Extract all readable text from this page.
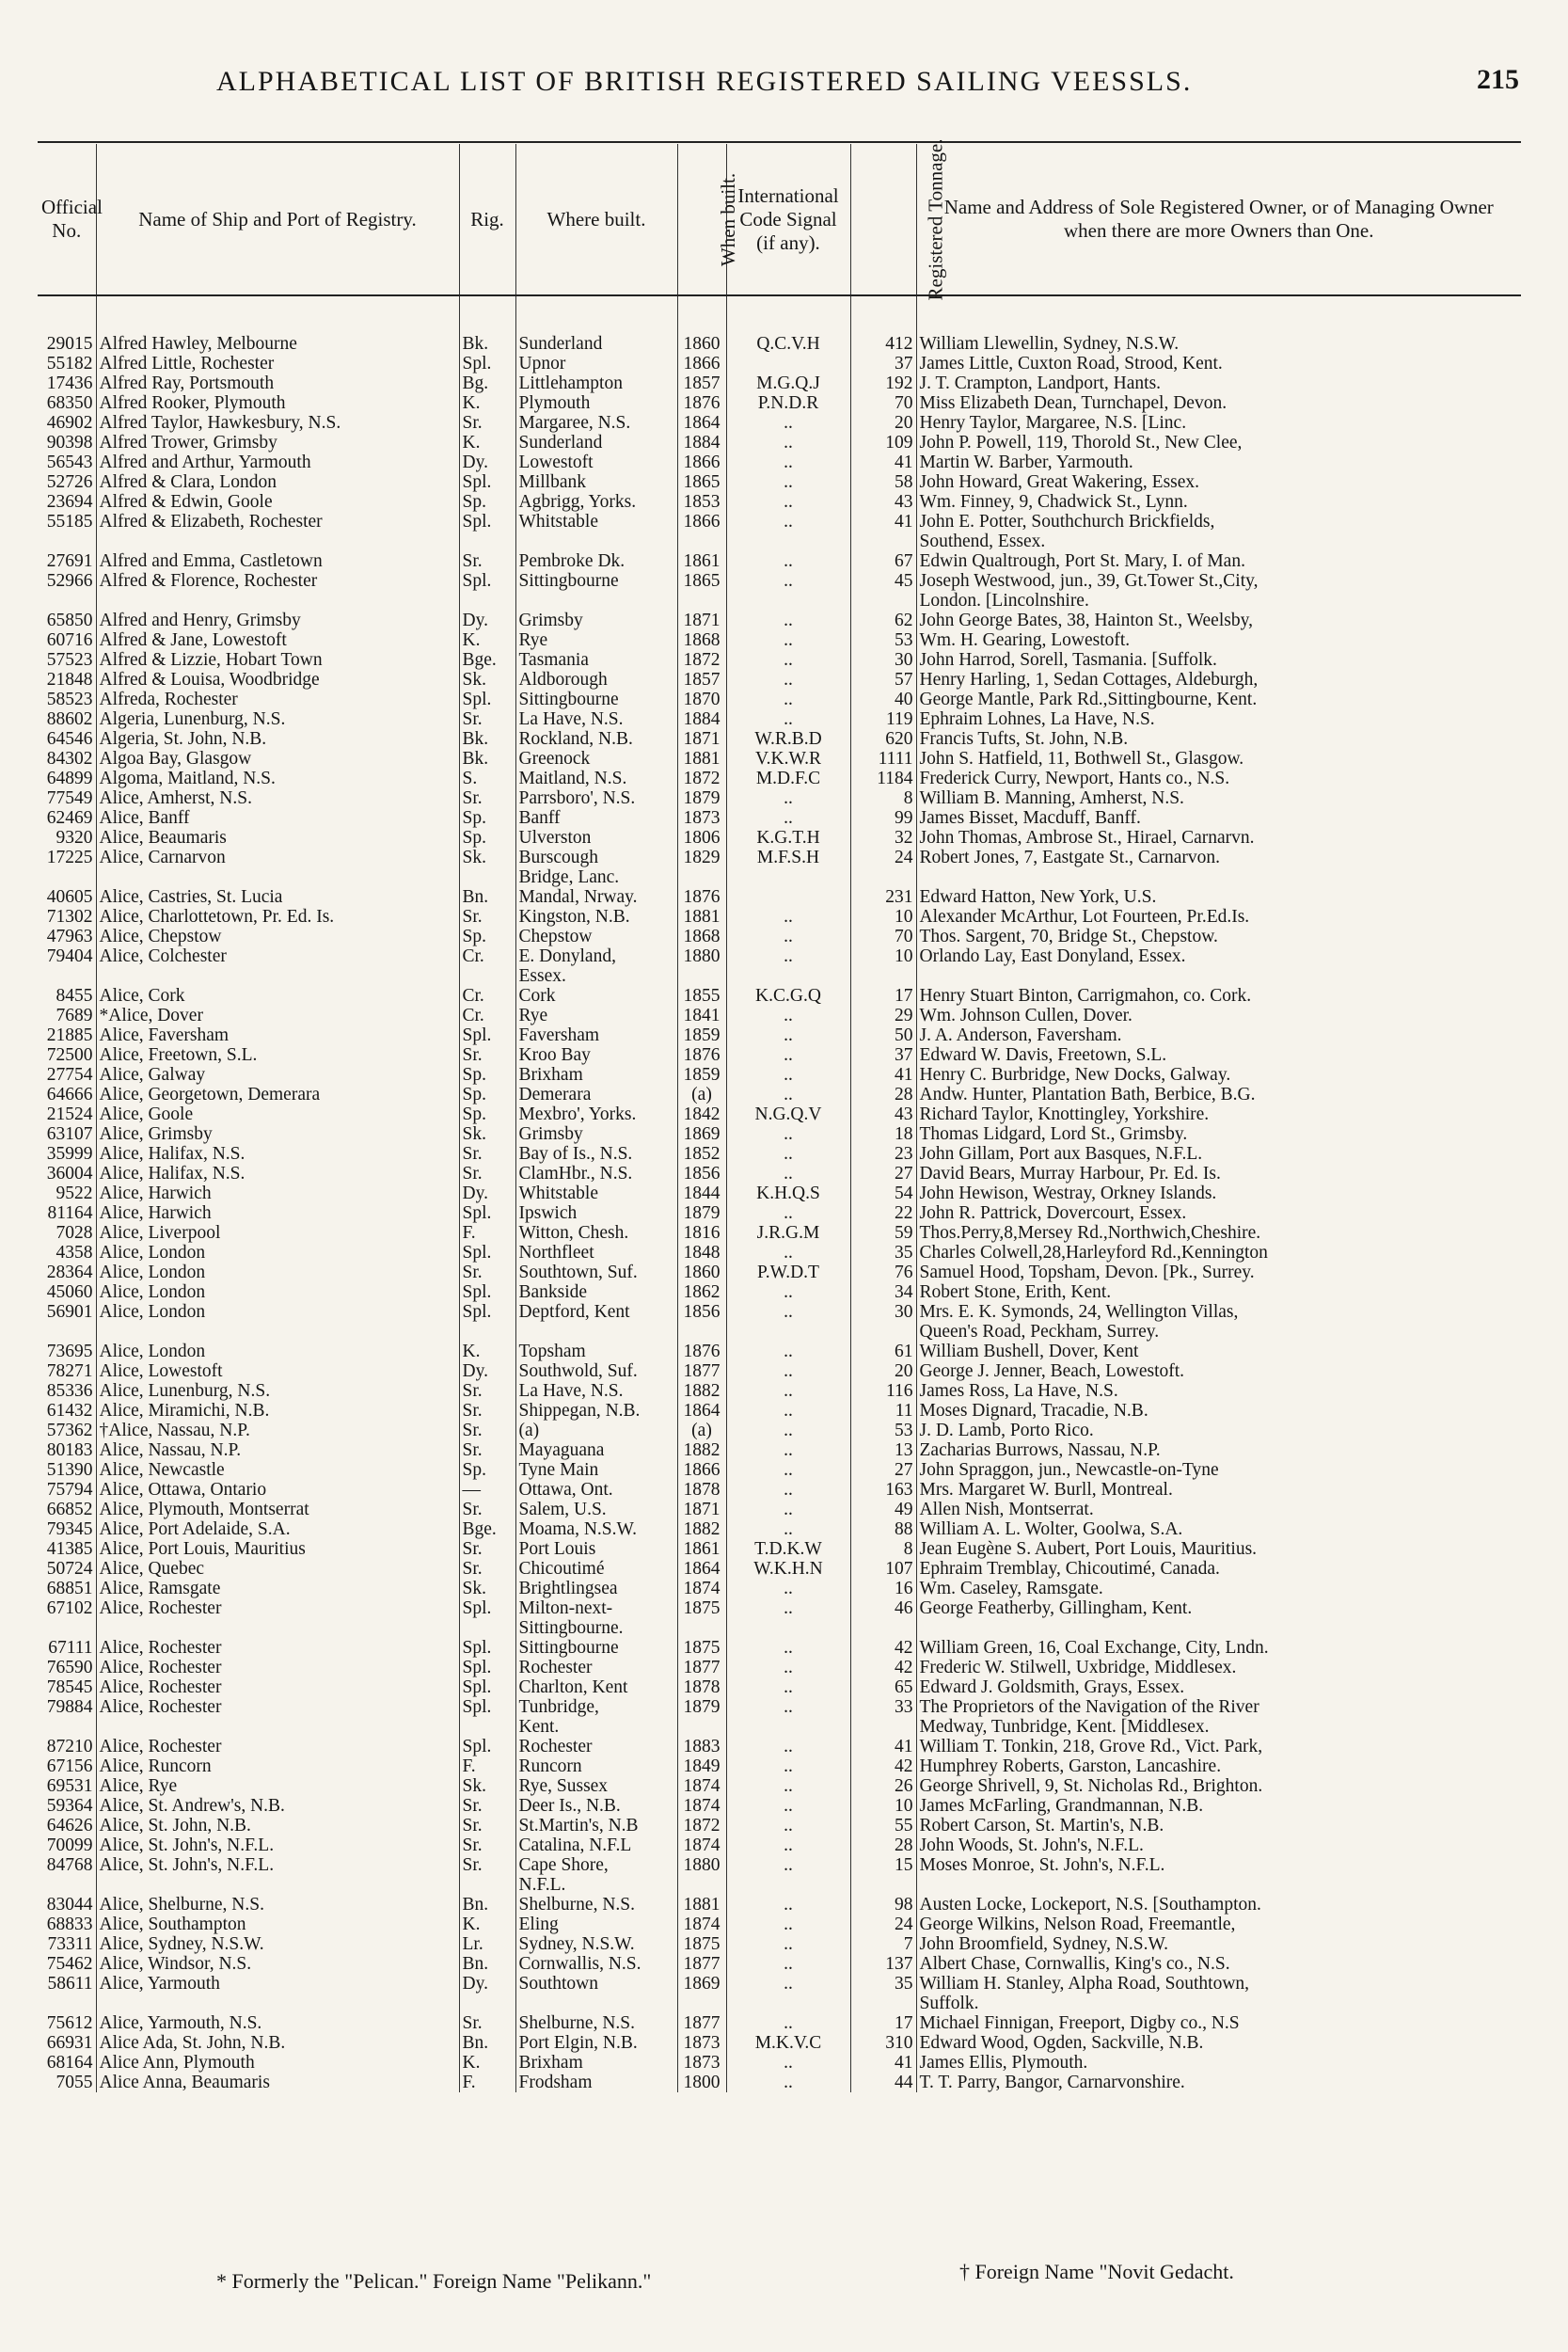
ALPHABETICAL LIST OF BRITISH REGISTERED SAILING VEESSLS.	215
Official No.	Name of Ship and Port of Registry.	Rig.	Where built.	When built.	International Code Signal (if any).	Registered Tonnage.	Name and Address of Sole Registered Owner, or of Managing Owner when there are more Owners than One.
29015	Alfred Hawley, Melbourne	Bk.	Sunderland	1860	Q.C.V.H	412	William Llewellin, Sydney, N.S.W.
55182	Alfred Little, Rochester	Spl.	Upnor	1866		37	James Little, Cuxton Road, Strood, Kent.
17436	Alfred Ray, Portsmouth	Bg.	Littlehampton	1857	M.G.Q.J	192	J. T. Crampton, Landport, Hants.
68350	Alfred Rooker, Plymouth	K.	Plymouth	1876	P.N.D.R	70	Miss Elizabeth Dean, Turnchapel, Devon.
46902	Alfred Taylor, Hawkesbury, N.S.	Sr.	Margaree, N.S.	1864	..	20	Henry Taylor, Margaree, N.S. [Linc.
90398	Alfred Trower, Grimsby	K.	Sunderland	1884	..	109	John P. Powell, 119, Thorold St., New Clee,
56543	Alfred and Arthur, Yarmouth	Dy.	Lowestoft	1866	..	41	Martin W. Barber, Yarmouth.
52726	Alfred & Clara, London	Spl.	Millbank	1865	..	58	John Howard, Great Wakering, Essex.
23694	Alfred & Edwin, Goole	Sp.	Agbrigg, Yorks.	1853	..	43	Wm. Finney, 9, Chadwick St., Lynn.
55185	Alfred & Elizabeth, Rochester	Spl.	Whitstable	1866	..	41	John E. Potter, Southchurch Brickfields,
							Southend, Essex.
27691	Alfred and Emma, Castletown	Sr.	Pembroke Dk.	1861	..	67	Edwin Qualtrough, Port St. Mary, I. of Man.
52966	Alfred & Florence, Rochester	Spl.	Sittingbourne	1865	..	45	Joseph Westwood, jun., 39, Gt.Tower St.,City,
							London. [Lincolnshire.
65850	Alfred and Henry, Grimsby	Dy.	Grimsby	1871	..	62	John George Bates, 38, Hainton St., Weelsby,
60716	Alfred & Jane, Lowestoft	K.	Rye	1868	..	53	Wm. H. Gearing, Lowestoft.
57523	Alfred & Lizzie, Hobart Town	Bge.	Tasmania	1872	..	30	John Harrod, Sorell, Tasmania. [Suffolk.
21848	Alfred & Louisa, Woodbridge	Sk.	Aldborough	1857	..	57	Henry Harling, 1, Sedan Cottages, Aldeburgh,
58523	Alfreda, Rochester	Spl.	Sittingbourne	1870	..	40	George Mantle, Park Rd.,Sittingbourne, Kent.
88602	Algeria, Lunenburg, N.S.	Sr.	La Have, N.S.	1884	..	119	Ephraim Lohnes, La Have, N.S.
64546	Algeria, St. John, N.B.	Bk.	Rockland, N.B.	1871	W.R.B.D	620	Francis Tufts, St. John, N.B.
84302	Algoa Bay, Glasgow	Bk.	Greenock	1881	V.K.W.R	1111	John S. Hatfield, 11, Bothwell St., Glasgow.
64899	Algoma, Maitland, N.S.	S.	Maitland, N.S.	1872	M.D.F.C	1184	Frederick Curry, Newport, Hants co., N.S.
77549	Alice, Amherst, N.S.	Sr.	Parrsboro', N.S.	1879	..	8	William B. Manning, Amherst, N.S.
62469	Alice, Banff	Sp.	Banff	1873	..	99	James Bisset, Macduff, Banff.
9320	Alice, Beaumaris	Sp.	Ulverston	1806	K.G.T.H	32	John Thomas, Ambrose St., Hirael, Carnarvn.
17225	Alice, Carnarvon	Sk.	Burscough	1829	M.F.S.H	24	Robert Jones, 7, Eastgate St., Carnarvon.
			Bridge, Lanc.				
40605	Alice, Castries, St. Lucia	Bn.	Mandal, Nrway.	1876		231	Edward Hatton, New York, U.S.
71302	Alice, Charlottetown, Pr. Ed. Is.	Sr.	Kingston, N.B.	1881	..	10	Alexander McArthur, Lot Fourteen, Pr.Ed.Is.
47963	Alice, Chepstow	Sp.	Chepstow	1868	..	70	Thos. Sargent, 70, Bridge St., Chepstow.
79404	Alice, Colchester	Cr.	E. Donyland,	1880	..	10	Orlando Lay, East Donyland, Essex.
			Essex.				
8455	Alice, Cork	Cr.	Cork	1855	K.C.G.Q	17	Henry Stuart Binton, Carrigmahon, co. Cork.
7689	*Alice, Dover	Cr.	Rye	1841	..	29	Wm. Johnson Cullen, Dover.
21885	Alice, Faversham	Spl.	Faversham	1859	..	50	J. A. Anderson, Faversham.
72500	Alice, Freetown, S.L.	Sr.	Kroo Bay	1876	..	37	Edward W. Davis, Freetown, S.L.
27754	Alice, Galway	Sp.	Brixham	1859	..	41	Henry C. Burbridge, New Docks, Galway.
64666	Alice, Georgetown, Demerara	Sp.	Demerara	(a)	..	28	Andw. Hunter, Plantation Bath, Berbice, B.G.
21524	Alice, Goole	Sp.	Mexbro', Yorks.	1842	N.G.Q.V	43	Richard Taylor, Knottingley, Yorkshire.
63107	Alice, Grimsby	Sk.	Grimsby	1869	..	18	Thomas Lidgard, Lord St., Grimsby.
35999	Alice, Halifax, N.S.	Sr.	Bay of Is., N.S.	1852	..	23	John Gillam, Port aux Basques, N.F.L.
36004	Alice, Halifax, N.S.	Sr.	ClamHbr., N.S.	1856	..	27	David Bears, Murray Harbour, Pr. Ed. Is.
9522	Alice, Harwich	Dy.	Whitstable	1844	K.H.Q.S	54	John Hewison, Westray, Orkney Islands.
81164	Alice, Harwich	Spl.	Ipswich	1879	..	22	John R. Pattrick, Dovercourt, Essex.
7028	Alice, Liverpool	F.	Witton, Chesh.	1816	J.R.G.M	59	Thos.Perry,8,Mersey Rd.,Northwich,Cheshire.
4358	Alice, London	Spl.	Northfleet	1848	..	35	Charles Colwell,28,Harleyford Rd.,Kennington
28364	Alice, London	Sr.	Southtown, Suf.	1860	P.W.D.T	76	Samuel Hood, Topsham, Devon. [Pk., Surrey.
45060	Alice, London	Spl.	Bankside	1862	..	34	Robert Stone, Erith, Kent.
56901	Alice, London	Spl.	Deptford, Kent	1856	..	30	Mrs. E. K. Symonds, 24, Wellington Villas,
							Queen's Road, Peckham, Surrey.
73695	Alice, London	K.	Topsham	1876	..	61	William Bushell, Dover, Kent
78271	Alice, Lowestoft	Dy.	Southwold, Suf.	1877	..	20	George J. Jenner, Beach, Lowestoft.
85336	Alice, Lunenburg, N.S.	Sr.	La Have, N.S.	1882	..	116	James Ross, La Have, N.S.
61432	Alice, Miramichi, N.B.	Sr.	Shippegan, N.B.	1864	..	11	Moses Dignard, Tracadie, N.B.
57362	†Alice, Nassau, N.P.	Sr.	(a)	(a)	..	53	J. D. Lamb, Porto Rico.
80183	Alice, Nassau, N.P.	Sr.	Mayaguana	1882	..	13	Zacharias Burrows, Nassau, N.P.
51390	Alice, Newcastle	Sp.	Tyne Main	1866	..	27	John Spraggon, jun., Newcastle-on-Tyne
75794	Alice, Ottawa, Ontario	—	Ottawa, Ont.	1878	..	163	Mrs. Margaret W. Burll, Montreal.
66852	Alice, Plymouth, Montserrat	Sr.	Salem, U.S.	1871	..	49	Allen Nish, Montserrat.
79345	Alice, Port Adelaide, S.A.	Bge.	Moama, N.S.W.	1882	..	88	William A. L. Wolter, Goolwa, S.A.
41385	Alice, Port Louis, Mauritius	Sr.	Port Louis	1861	T.D.K.W	8	Jean Eugène S. Aubert, Port Louis, Mauritius.
50724	Alice, Quebec	Sr.	Chicoutimé	1864	W.K.H.N	107	Ephraim Tremblay, Chicoutimé, Canada.
68851	Alice, Ramsgate	Sk.	Brightlingsea	1874	..	16	Wm. Caseley, Ramsgate.
67102	Alice, Rochester	Spl.	Milton-next-	1875	..	46	George Featherby, Gillingham, Kent.
			Sittingbourne.				
67111	Alice, Rochester	Spl.	Sittingbourne	1875	..	42	William Green, 16, Coal Exchange, City, Lndn.
76590	Alice, Rochester	Spl.	Rochester	1877	..	42	Frederic W. Stilwell, Uxbridge, Middlesex.
78545	Alice, Rochester	Spl.	Charlton, Kent	1878	..	65	Edward J. Goldsmith, Grays, Essex.
79884	Alice, Rochester	Spl.	Tunbridge,	1879	..	33	The Proprietors of the Navigation of the River
			Kent.				Medway, Tunbridge, Kent. [Middlesex.
87210	Alice, Rochester	Spl.	Rochester	1883	..	41	William T. Tonkin, 218, Grove Rd., Vict. Park,
67156	Alice, Runcorn	F.	Runcorn	1849	..	42	Humphrey Roberts, Garston, Lancashire.
69531	Alice, Rye	Sk.	Rye, Sussex	1874	..	26	George Shrivell, 9, St. Nicholas Rd., Brighton.
59364	Alice, St. Andrew's, N.B.	Sr.	Deer Is., N.B.	1874	..	10	James McFarling, Grandmannan, N.B.
64626	Alice, St. John, N.B.	Sr.	St.Martin's, N.B	1872	..	55	Robert Carson, St. Martin's, N.B.
70099	Alice, St. John's, N.F.L.	Sr.	Catalina, N.F.L	1874	..	28	John Woods, St. John's, N.F.L.
84768	Alice, St. John's, N.F.L.	Sr.	Cape Shore,	1880	..	15	Moses Monroe, St. John's, N.F.L.
			N.F.L.				
83044	Alice, Shelburne, N.S.	Bn.	Shelburne, N.S.	1881	..	98	Austen Locke, Lockeport, N.S. [Southampton.
68833	Alice, Southampton	K.	Eling	1874	..	24	George Wilkins, Nelson Road, Freemantle,
73311	Alice, Sydney, N.S.W.	Lr.	Sydney, N.S.W.	1875	..	7	John Broomfield, Sydney, N.S.W.
75462	Alice, Windsor, N.S.	Bn.	Cornwallis, N.S.	1877	..	137	Albert Chase, Cornwallis, King's co., N.S.
58611	Alice, Yarmouth	Dy.	Southtown	1869	..	35	William H. Stanley, Alpha Road, Southtown,
							Suffolk.
75612	Alice, Yarmouth, N.S.	Sr.	Shelburne, N.S.	1877	..	17	Michael Finnigan, Freeport, Digby co., N.S
66931	Alice Ada, St. John, N.B.	Bn.	Port Elgin, N.B.	1873	M.K.V.C	310	Edward Wood, Ogden, Sackville, N.B.
68164	Alice Ann, Plymouth	K.	Brixham	1873	..	41	James Ellis, Plymouth.
7055	Alice Anna, Beaumaris	F.	Frodsham	1800	..	44	T. T. Parry, Bangor, Carnarvonshire.
* Formerly the "Pelican." Foreign Name "Pelikann."	† Foreign Name "Novit Gedacht.
